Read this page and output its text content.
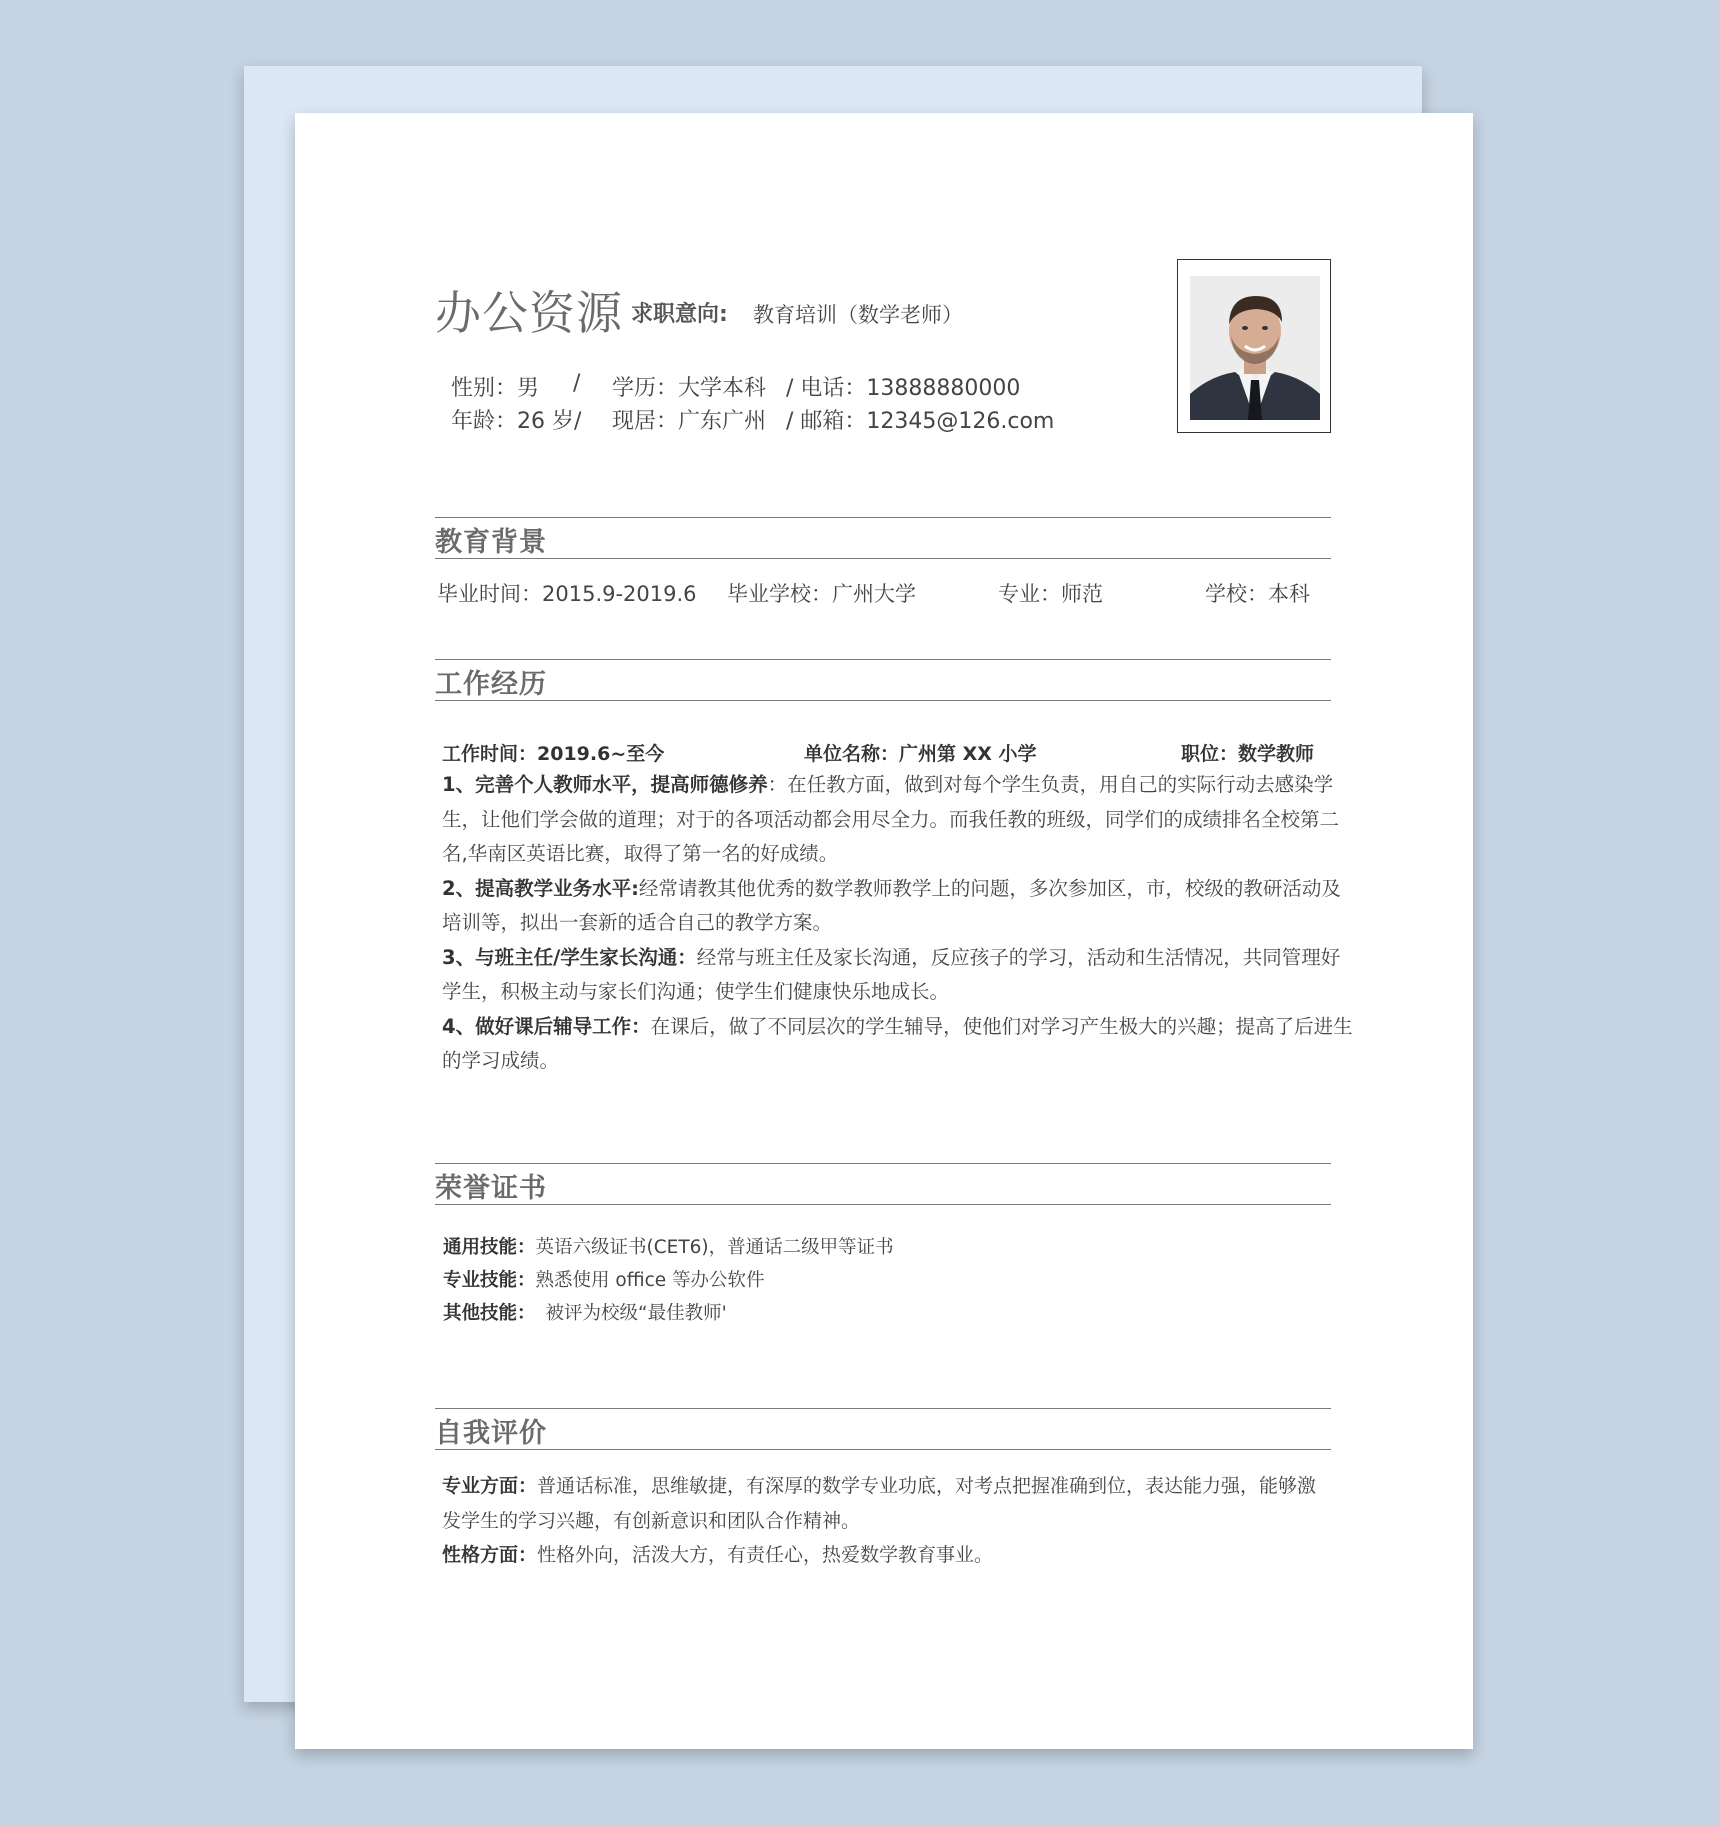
办公资源 求职意向: 教育培训（数学老师）
性别：男 / 学历：大学本科 / 电话：13888880000
年龄：26 岁/ 现居：广东广州 / 邮箱：12345@126.com
教育背景
毕业时间：2015.9-2019.6 毕业学校：广州大学	专业：师范	学校：本科
工作经历
工作时间：2019.6~至今	单位名称：广州第 XX 小学	职位：数学教师
1、完善个人教师水平，提高师德修养：在任教方面，做到对每个学生负责，用自己的实际行动去感染学生，让他们学会做的道理；对于的各项活动都会用尽全力。而我任教的班级，同学们的成绩排名全校第二名,华南区英语比赛，取得了第一名的好成绩。
2、提高教学业务水平:经常请教其他优秀的数学教师教学上的问题，多次参加区，市，校级的教研活动及培训等，拟出一套新的适合自己的教学方案。
3、与班主任/学生家长沟通：经常与班主任及家长沟通，反应孩子的学习，活动和生活情况，共同管理好学生，积极主动与家长们沟通；使学生们健康快乐地成长。
4、做好课后辅导工作：在课后，做了不同层次的学生辅导，使他们对学习产生极大的兴趣；提高了后进生的学习成绩。
荣誉证书
通用技能：英语六级证书(CET6)，普通话二级甲等证书
专业技能：熟悉使用 office 等办公软件
其他技能： 被评为校级“最佳教师'
自我评价
专业方面：普通话标准，思维敏捷，有深厚的数学专业功底，对考点把握准确到位，表达能力强，能够激发学生的学习兴趣，有创新意识和团队合作精神。
性格方面：性格外向，活泼大方，有责任心，热爱数学教育事业。
